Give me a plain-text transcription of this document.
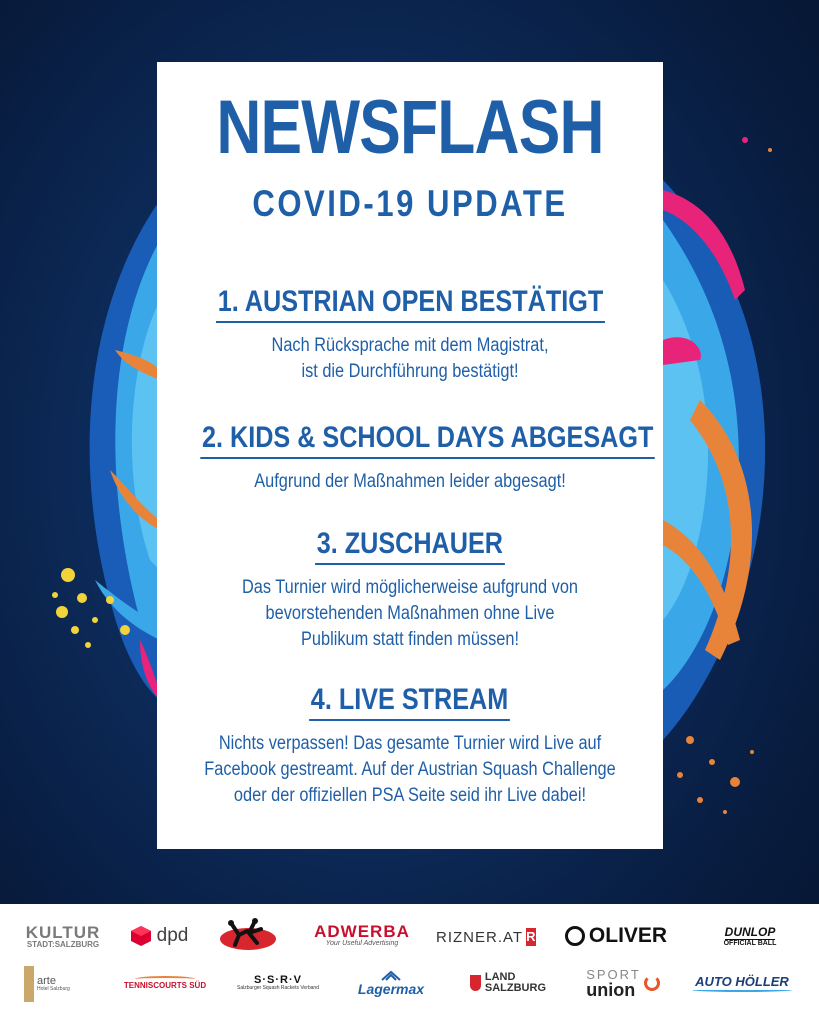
NEWSFLASH
COVID-19 UPDATE
1. AUSTRIAN OPEN BESTÄTIGT
Nach Rücksprache mit dem Magistrat,
ist die Durchführung bestätigt!
2. KIDS & SCHOOL DAYS ABGESAGT
Aufgrund der Maßnahmen leider abgesagt!
3. ZUSCHAUER
Das Turnier wird möglicherweise aufgrund von
bevorstehenden Maßnahmen ohne Live
Publikum statt finden müssen!
4. LIVE STREAM
Nichts verpassen! Das gesamte Turnier wird Live auf
Facebook gestreamt. Auf der Austrian Squash Challenge
oder der offiziellen PSA Seite seid ihr Live dabei!
KULTUR
STADT:SALZBURG	dpd	ADWERBA
Your Useful Advertising	RIZNER.AT R	OLIVER	DUNLOP
OFFICIAL BALL
arte
Hotel Salzburg	TENNISCOURTS SÜD	S·S·R·V
Salzburger Squash Rackets Verband	Lagermax
LAND
SALZBURG
SPORT
union	AUTO HÖLLER
